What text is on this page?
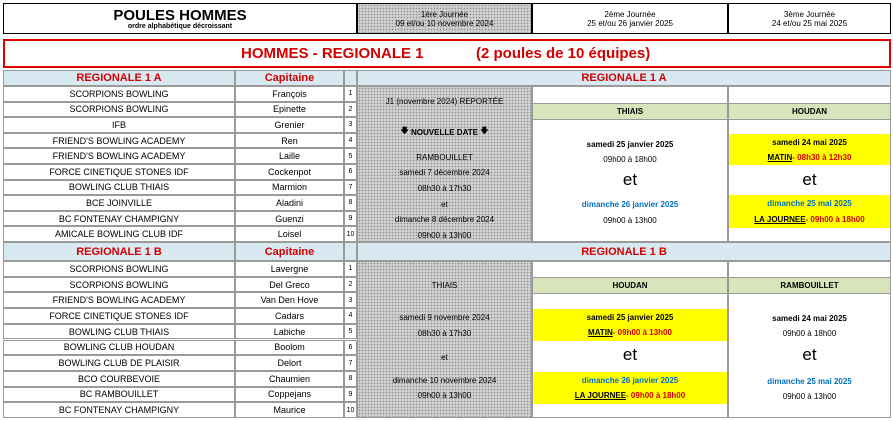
POULES HOMMES
ordre alphabétique décroissant
1ère Journée
09 et/ou 10 novembre 2024
2ème Journée
25 et/ou 26 janvier 2025
3ème Journée
24 et/ou 25 mai 2025
HOMMES - REGIONALE 1	(2 poules de 10 équipes)
REGIONALE 1 A	Capitaine	REGIONALE 1 A
SCORPIONS BOWLING	François	1
SCORPIONS BOWLING	Epinette	2
IFB	Grenier	3
FRIEND'S BOWLING ACADEMY	Ren	4
FRIEND'S BOWLING ACADEMY	Laille	5
FORCE CINETIQUE STONES IDF	Cockenpot	6
BOWLING CLUB THIAIS	Marmion	7
BCE JOINVILLE	Aladini	8
BC FONTENAY CHAMPIGNY	Guenzi	9
AMICALE BOWLING CLUB IDF	Loisel	10
J1 (novembre 2024) REPORTÉE
🡇
NOUVELLE DATE
🡇
RAMBOUILLET
samedi 7 décembre 2024
08h30 à 17h30
et
dimanche 8 décembre 2024
09h00 à 13h00
THIAIS
samedi 25 janvier 2025
09h00 à 18h00
et
dimanche 26 janvier 2025
09h00 à 13h00
HOUDAN
samedi 24 mai 2025
MATIN - 08h30 à 12h30
et
dimanche 25 mai 2025
LA JOURNEE - 09h00 à 18h00
REGIONALE 1 B	Capitaine	REGIONALE 1 B
SCORPIONS BOWLING	Lavergne	1
SCORPIONS BOWLING	Del Greco	2
FRIEND'S BOWLING ACADEMY	Van Den Hove	3
FORCE CINETIQUE STONES IDF	Cadars	4
BOWLING CLUB THIAIS	Labiche	5
BOWLING CLUB HOUDAN	Boolom	6
BOWLING CLUB DE PLAISIR	Delort	7
BCO COURBEVOIE	Chaumien	8
BC RAMBOUILLET	Coppejans	9
BC FONTENAY CHAMPIGNY	Maurice	10
THIAIS
samedi 9 novembre 2024
08h30 à 17h30
et
dimanche 10 novembre 2024
09h00 à 13h00
HOUDAN
samedi 25 janvier 2025
MATIN - 09h00 à 13h00
et
dimanche 26 janvier 2025
LA JOURNEE - 09h00 à 18h00
RAMBOUILLET
samedi 24 mai 2025
09h00 à 18h00
et
dimanche 25 mai 2025
09h00 à 13h00
